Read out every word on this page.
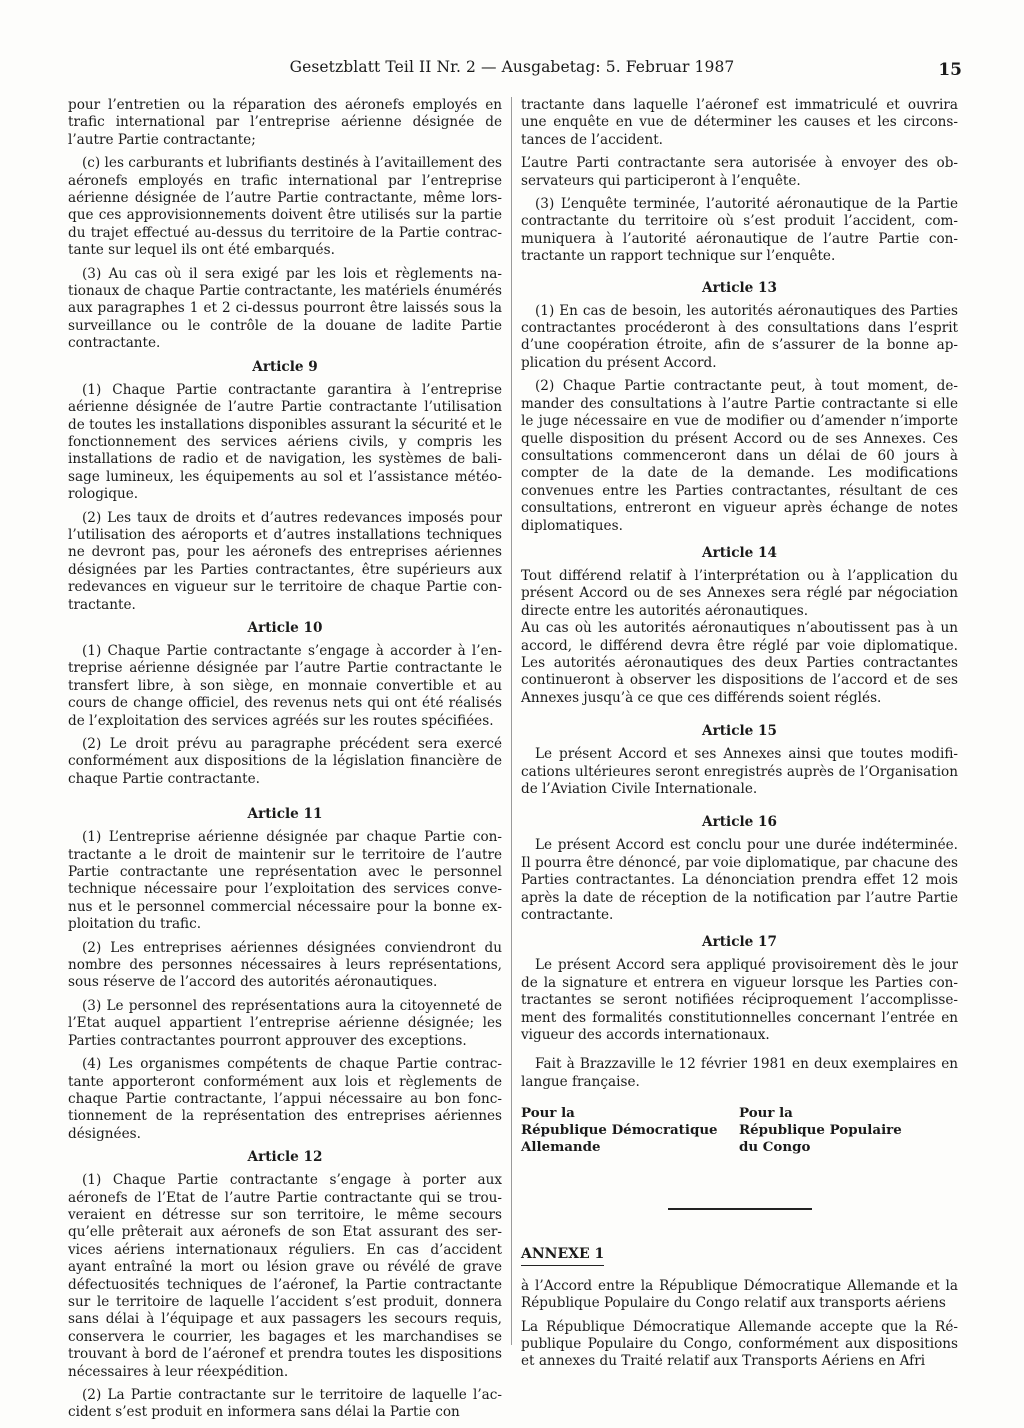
Gesetzblatt Teil II Nr. 2 — Ausgabetag: 5. Februar 1987	15

pour l’entretien ou la réparation des aéronefs employés en trafic international par l’entreprise aérienne désignée de l’autre Partie contractante;

(c) les carburants et lubrifiants destinés à l’avitaillement des aéronefs employés en trafic international par l’entreprise aérienne désignée de l’autre Partie contractante, même lorsque ces approvisionnements doivent être utilisés sur la partie du trajet effectué au-dessus du territoire de la Partie contractante sur lequel ils ont été embarqués.

(3) Au cas où il sera exigé par les lois et règlements nationaux de chaque Partie contractante, les matériels énumérés aux paragraphes 1 et 2 ci-dessus pourront être laissés sous la surveillance ou le contrôle de la douane de ladite Partie contractante.

Article 9

(1) Chaque Partie contractante garantira à l’entreprise aérienne désignée de l’autre Partie contractante l’utilisation de toutes les installations disponibles assurant la sécurité et le fonctionnement des services aériens civils, y compris les installations de radio et de navigation, les systèmes de balisage lumineux, les équipements au sol et l’assistance météorologique.

(2) Les taux de droits et d’autres redevances imposés pour l’utilisation des aéroports et d’autres installations techniques ne devront pas, pour les aéronefs des entreprises aériennes désignées par les Parties contractantes, être supérieurs aux redevances en vigueur sur le territoire de chaque Partie contractante.

Article 10

(1) Chaque Partie contractante s’engage à accorder à l’entreprise aérienne désignée par l’autre Partie contractante le transfert libre, à son siège, en monnaie convertible et au cours de change officiel, des revenus nets qui ont été réalisés de l’exploitation des services agréés sur les routes spécifiées.

(2) Le droit prévu au paragraphe précédent sera exercé conformément aux dispositions de la législation financière de chaque Partie contractante.

Article 11

(1) L’entreprise aérienne désignée par chaque Partie contractante a le droit de maintenir sur le territoire de l’autre Partie contractante une représentation avec le personnel technique nécessaire pour l’exploitation des services convenus et le personnel commercial nécessaire pour la bonne exploitation du trafic.

(2) Les entreprises aériennes désignées conviendront du nombre des personnes nécessaires à leurs représentations, sous réserve de l’accord des autorités aéronautiques.

(3) Le personnel des représentations aura la citoyenneté de l’Etat auquel appartient l’entreprise aérienne désignée; les Parties contractantes pourront approuver des exceptions.

(4) Les organismes compétents de chaque Partie contractante apporteront conformément aux lois et règlements de chaque Partie contractante, l’appui nécessaire au bon fonctionnement de la représentation des entreprises aériennes désignées.

Article 12

(1) Chaque Partie contractante s’engage à porter aux aéronefs de l’Etat de l’autre Partie contractante qui se trouveraient en détresse sur son territoire, le même secours qu’elle prêterait aux aéronefs de son Etat assurant des services aériens internationaux réguliers. En cas d’accident ayant entraîné la mort ou lésion grave ou révélé de grave défectuosités techniques de l’aéronef, la Partie contractante sur le territoire de laquelle l’accident s’est produit, donnera sans délai à l’équipage et aux passagers les secours requis, conservera le courrier, les bagages et les marchandises se trouvant à bord de l’aéronef et prendra toutes les dispositions nécessaires à leur réexpédition.

(2) La Partie contractante sur le territoire de laquelle l’accident s’est produit en informera sans délai la Partie con

tractante dans laquelle l’aéronef est immatriculé et ouvrira une enquête en vue de déterminer les causes et les circonstances de l’accident.

L’autre Parti contractante sera autorisée à envoyer des observateurs qui participeront à l’enquête.

(3) L’enquête terminée, l’autorité aéronautique de la Partie contractante du territoire où s’est produit l’accident, communiquera à l’autorité aéronautique de l’autre Partie contractante un rapport technique sur l’enquête.

Article 13

(1) En cas de besoin, les autorités aéronautiques des Parties contractantes procéderont à des consultations dans l’esprit d’une coopération étroite, afin de s’assurer de la bonne application du présent Accord.

(2) Chaque Partie contractante peut, à tout moment, demander des consultations à l’autre Partie contractante si elle le juge nécessaire en vue de modifier ou d’amender n’importe quelle disposition du présent Accord ou de ses Annexes. Ces consultations commenceront dans un délai de 60 jours à compter de la date de la demande. Les modifications convenues entre les Parties contractantes, résultant de ces consultations, entreront en vigueur après échange de notes diplomatiques.

Article 14

Tout différend relatif à l’interprétation ou à l’application du présent Accord ou de ses Annexes sera réglé par négociation directe entre les autorités aéronautiques.

Au cas où les autorités aéronautiques n’aboutissent pas à un accord, le différend devra être réglé par voie diplomatique. Les autorités aéronautiques des deux Parties contractantes continueront à observer les dispositions de l’accord et de ses Annexes jusqu’à ce que ces différends soient réglés.

Article 15

Le présent Accord et ses Annexes ainsi que toutes modifications ultérieures seront enregistrés auprès de l’Organisation de l’Aviation Civile Internationale.

Article 16

Le présent Accord est conclu pour une durée indéterminée. Il pourra être dénoncé, par voie diplomatique, par chacune des Parties contractantes. La dénonciation prendra effet 12 mois après la date de réception de la notification par l’autre Partie contractante.

Article 17

Le présent Accord sera appliqué provisoirement dès le jour de la signature et entrera en vigueur lorsque les Parties contractantes se seront notifiées réciproquement l’accomplissement des formalités constitutionnelles concernant l’entrée en vigueur des accords internationaux.

Fait à Brazzaville le 12 février 1981 en deux exemplaires en langue française.

Pour la
République Démocratique
Allemande
Pour la
République Populaire
du Congo
ANNEXE 1

à l’Accord entre la République Démocratique Allemande et la République Populaire du Congo relatif aux transports aériens

La République Démocratique Allemande accepte que la République Populaire du Congo, conformément aux dispositions et annexes du Traité relatif aux Transports Aériens en Afri
